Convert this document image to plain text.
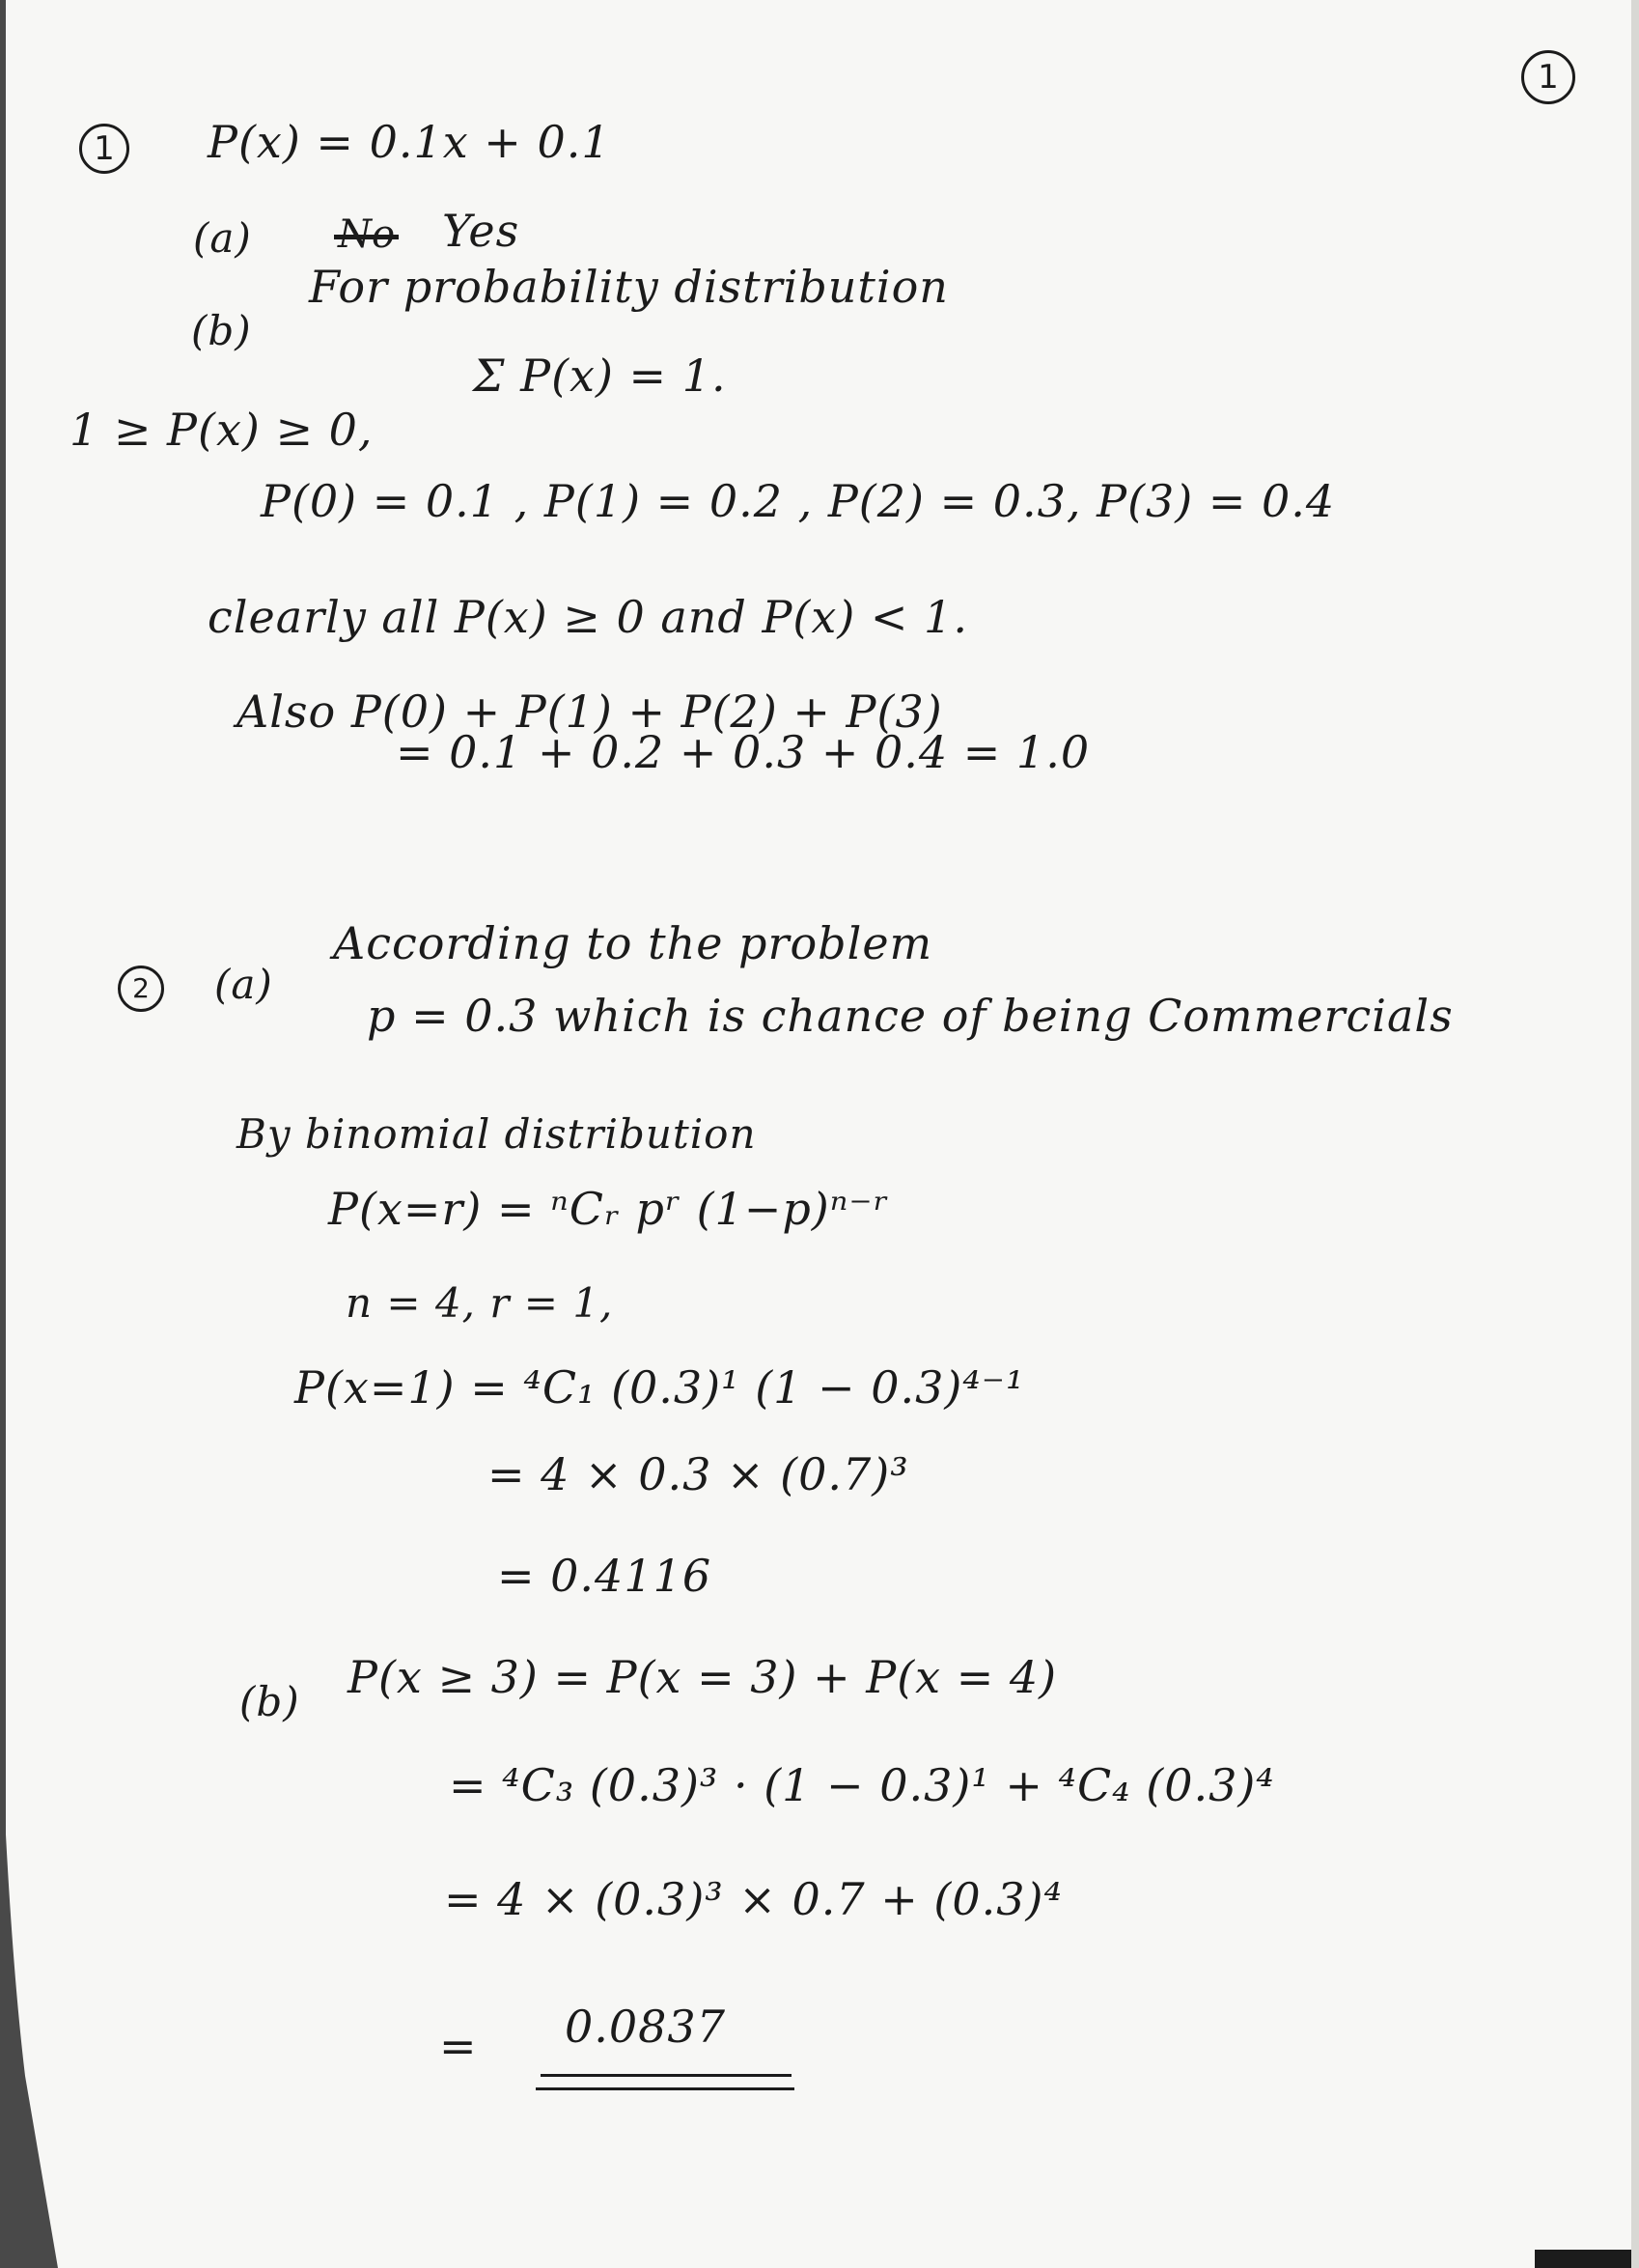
1
1	P(x) = 0.1x + 0.1
(a) No Yes
(b)
For probability distribution
1 ≥ P(x) ≥ 0,
Σ P(x) = 1.
P(0) = 0.1 , P(1) = 0.2 , P(2) = 0.3, P(3) = 0.4
clearly all P(x) ≥ 0 and P(x) < 1.
Also P(0) + P(1) + P(2) + P(3)
= 0.1 + 0.2 + 0.3 + 0.4 = 1.0
2	(a)
According to the problem
p = 0.3 which is chance of being Commercials
By binomial distribution
P(x=r) = ⁿCᵣ pʳ (1−p)ⁿ⁻ʳ
n = 4, r = 1,
P(x=1) = ⁴C₁ (0.3)¹ (1 − 0.3)⁴⁻¹
= 4 × 0.3 × (0.7)³
= 0.4116
(b) P(x ≥ 3) = P(x = 3) + P(x = 4)
= ⁴C₃ (0.3)³ · (1 − 0.3)¹ + ⁴C₄ (0.3)⁴
= 4 × (0.3)³ × 0.7 + (0.3)⁴
= 0.0837
